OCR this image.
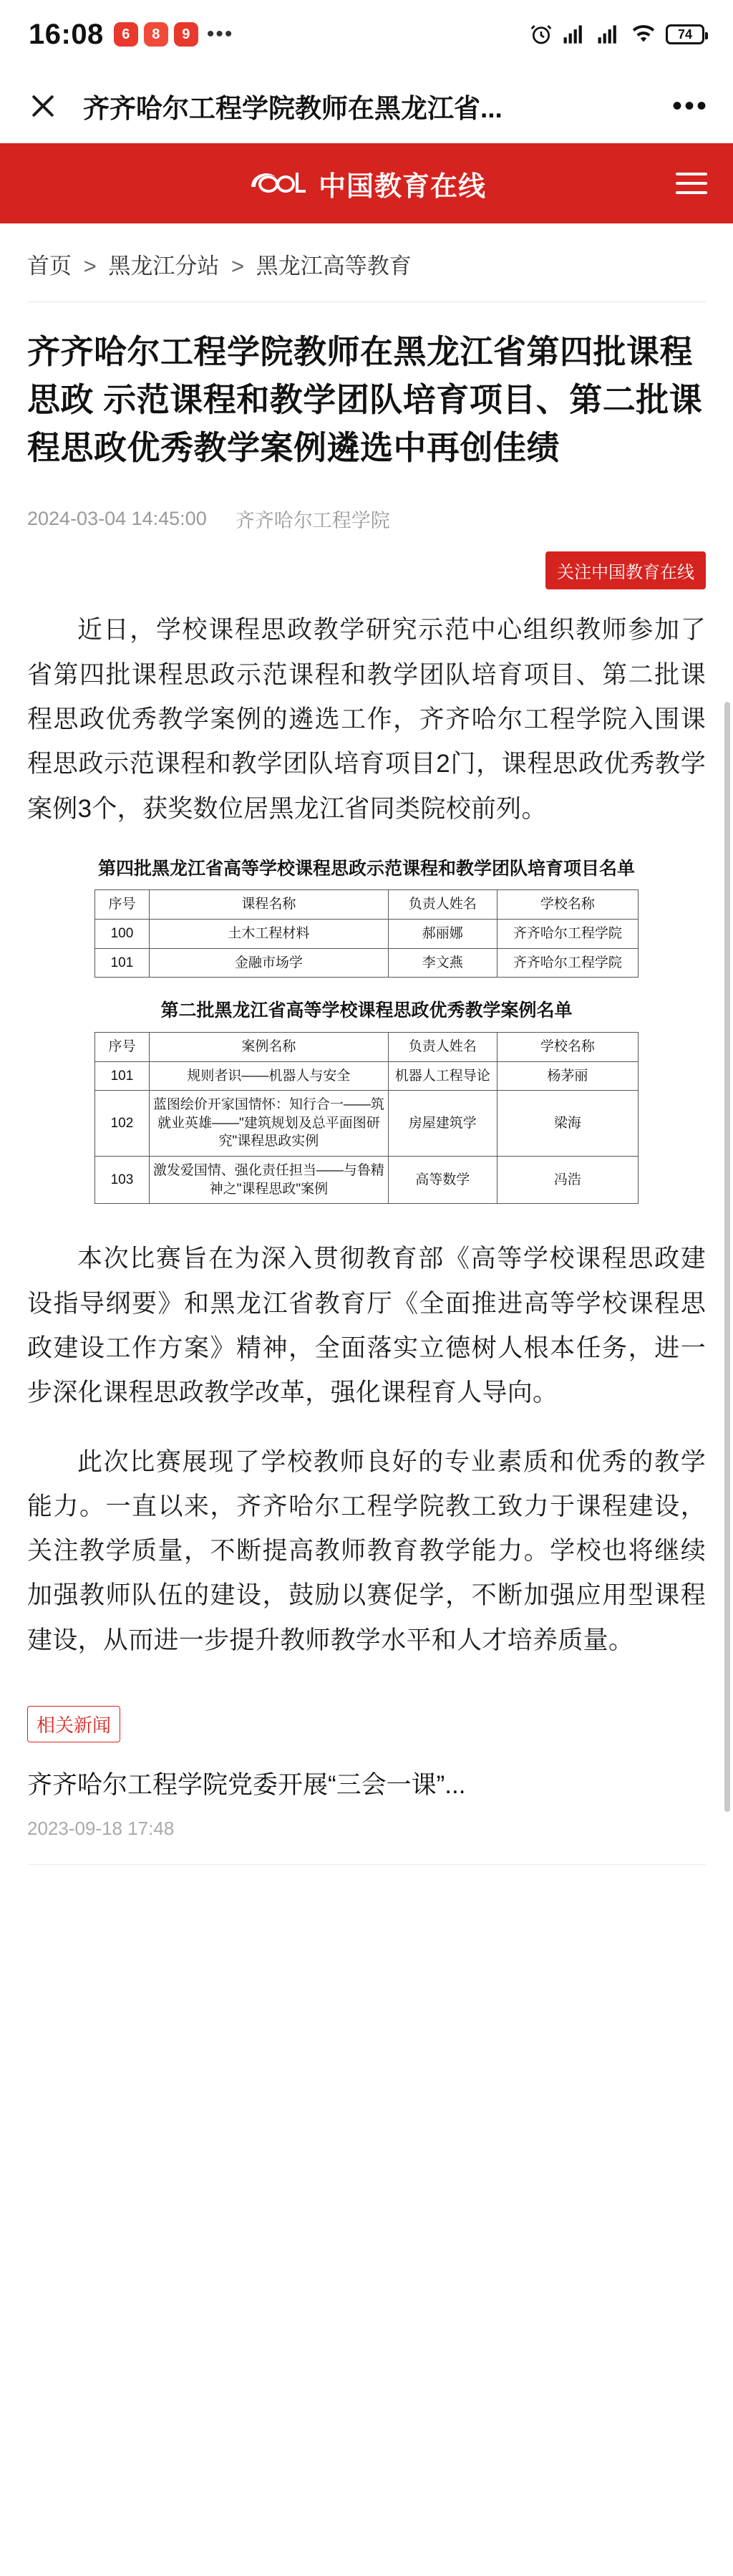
16:08	6	8	9 •••	74
齐齐哈尔工程学院教师在黑龙江省...	•••
中国教育在线
首页 > 黑龙江分站 > 黑龙江高等教育
齐齐哈尔工程学院教师在黑龙江省第四批课程思政 示范课程和教学团队培育项目、第二批课程思政优秀教学案例遴选中再创佳绩
2024-03-04 14:45:00 齐齐哈尔工程学院
关注中国教育在线

近日，学校课程思政教学研究示范中心组织教师参加了省第四批课程思政示范课程和教学团队培育项目、第二批课程思政优秀教学案例的遴选工作，齐齐哈尔工程学院入围课程思政示范课程和教学团队培育项目2门，课程思政优秀教学案例3个，获奖数位居黑龙江省同类院校前列。

第四批黑龙江省高等学校课程思政示范课程和教学团队培育项目名单
序号	课程名称	负责人姓名	学校名称
100	土木工程材料	郝丽娜	齐齐哈尔工程学院
101	金融市场学	李文燕	齐齐哈尔工程学院
第二批黑龙江省高等学校课程思政优秀教学案例名单
序号	案例名称	负责人姓名	学校名称
101	规则者识——机器人与安全	机器人工程导论	杨茅丽
102	蓝图绘价开家国情怀：知行合一——筑就业英雄——"建筑规划及总平面图研究"课程思政实例	房屋建筑学	梁海
103	激发爱国情、强化责任担当——与鲁精神之"课程思政"案例	高等数学	冯浩

本次比赛旨在为深入贯彻教育部《高等学校课程思政建设指导纲要》和黑龙江省教育厅《全面推进高等学校课程思政建设工作方案》精神，全面落实立德树人根本任务，进一步深化课程思政教学改革，强化课程育人导向。

此次比赛展现了学校教师良好的专业素质和优秀的教学能力。一直以来，齐齐哈尔工程学院教工致力于课程建设，关注教学质量，不断提高教师教育教学能力。学校也将继续加强教师队伍的建设，鼓励以赛促学，不断加强应用型课程建设，从而进一步提升教师教学水平和人才培养质量。

相关新闻
齐齐哈尔工程学院党委开展“三会一课”...
2023-09-18 17:48
